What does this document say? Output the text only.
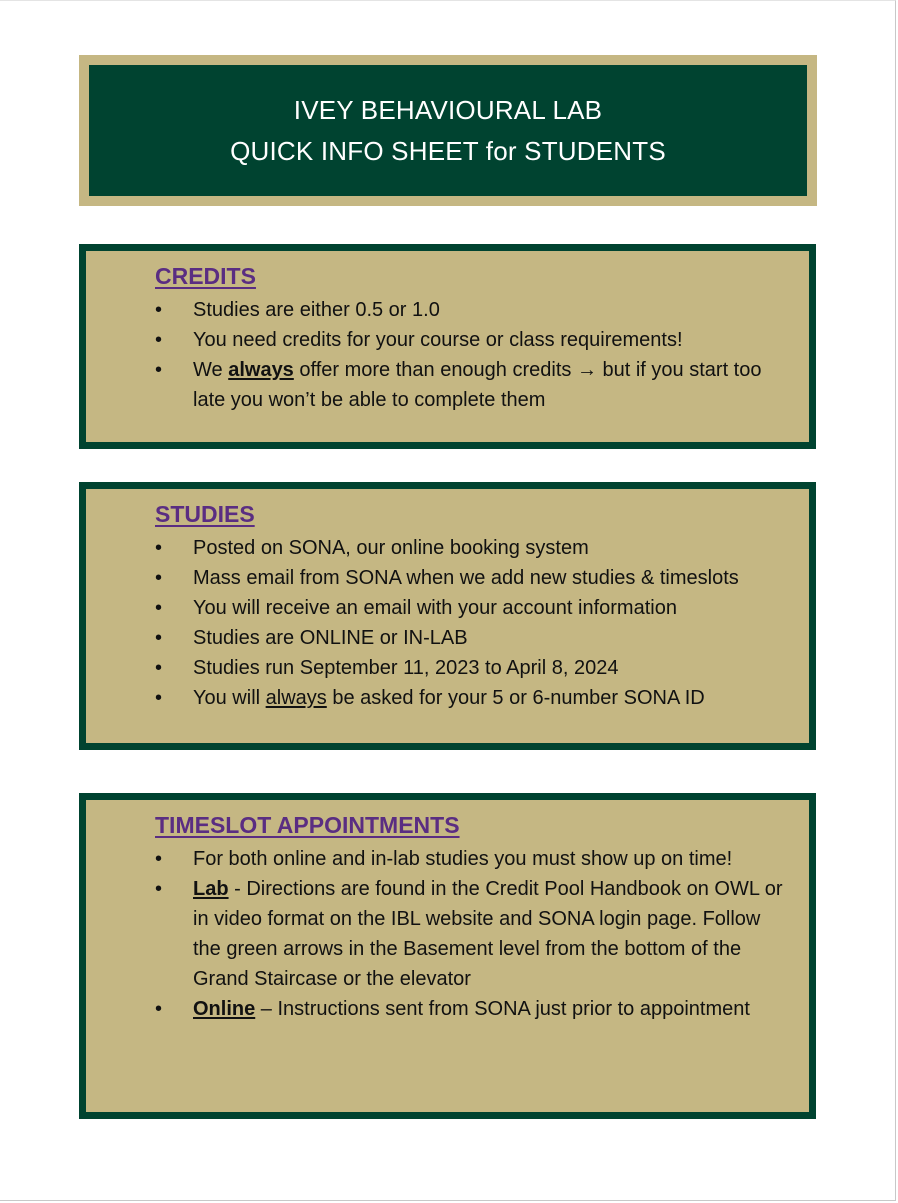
IVEY BEHAVIOURAL LAB
QUICK INFO SHEET for STUDENTS
CREDITS
•	Studies are either 0.5 or 1.0
•	You need credits for your course or class requirements!
•	We always offer more than enough credits → but if you start too late you won’t be able to complete them
STUDIES
•	Posted on SONA, our online booking system
•	Mass email from SONA when we add new studies & timeslots
•	You will receive an email with your account information
•	Studies are ONLINE or IN-LAB
•	Studies run September 11, 2023 to April 8, 2024
•	You will always be asked for your 5 or 6-number SONA ID
TIMESLOT APPOINTMENTS
•	For both online and in-lab studies you must show up on time!
•	Lab - Directions are found in the Credit Pool Handbook on OWL or in video format on the IBL website and SONA login page. Follow the green arrows in the Basement level from the bottom of the Grand Staircase or the elevator
•	Online – Instructions sent from SONA just prior to appointment
